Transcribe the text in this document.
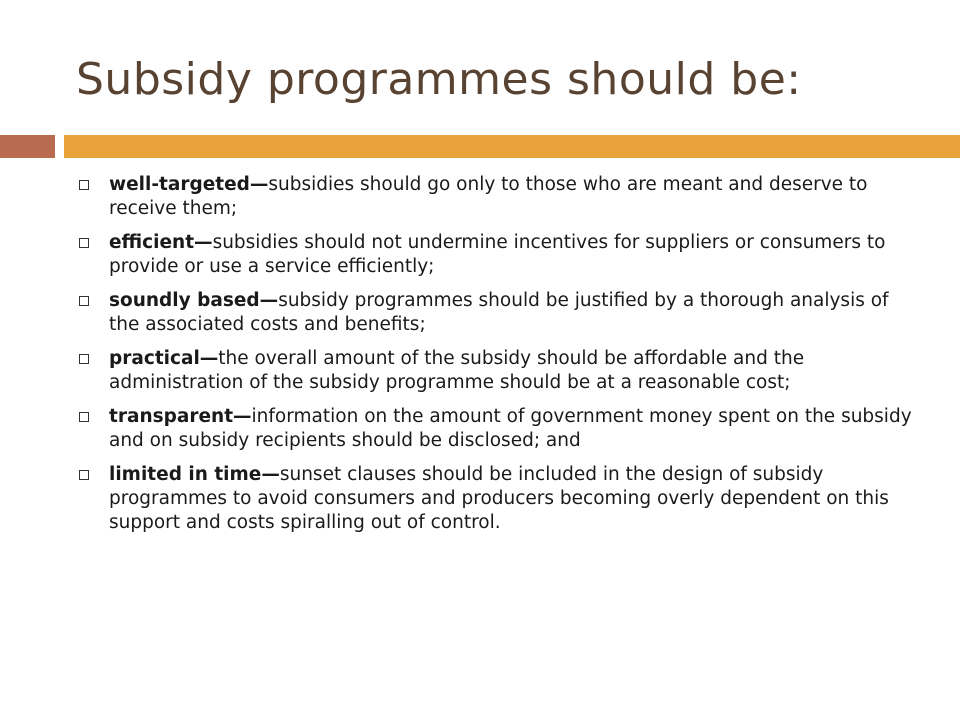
Subsidy programmes should be:
well-targeted—subsidies should go only to those who are meant and deserve to receive them;
efficient—subsidies should not undermine incentives for suppliers or consumers to provide or use a service efficiently;
soundly based—subsidy programmes should be justified by a thorough analysis of the associated costs and benefits;
practical—the overall amount of the subsidy should be affordable and the administration of the subsidy programme should be at a reasonable cost;
transparent—information on the amount of government money spent on the subsidy and on subsidy recipients should be disclosed; and
limited in time—sunset clauses should be included in the design of subsidy programmes to avoid consumers and producers becoming overly dependent on this support and costs spiralling out of control.
